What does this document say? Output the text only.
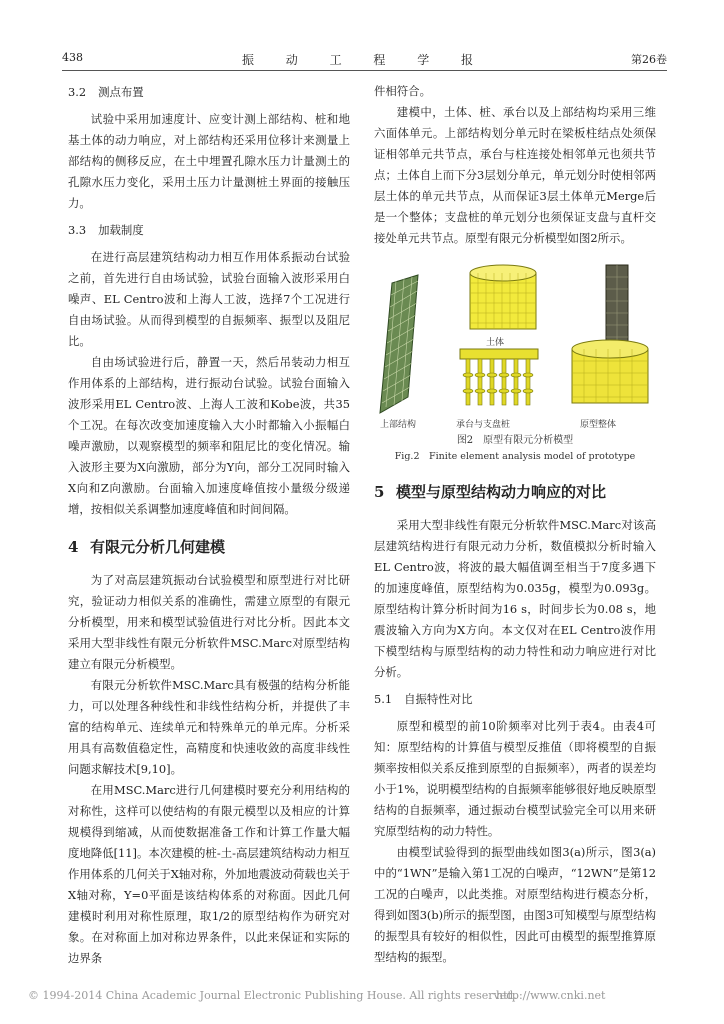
438	振 动 工 程 学 报	第26卷
3.2 测点布置

试验中采用加速度计、应变计测上部结构、桩和地基土体的动力响应，对上部结构还采用位移计来测量上部结构的侧移反应，在土中埋置孔隙水压力计量测土的孔隙水压力变化，采用土压力计量测桩土界面的接触压力。

3.3 加载制度

在进行高层建筑结构动力相互作用体系振动台试验之前，首先进行自由场试验，试验台面输入波形采用白噪声、EL Centro波和上海人工波，选择7个工况进行自由场试验。从而得到模型的自振频率、振型以及阻尼比。

自由场试验进行后，静置一天，然后吊装动力相互作用体系的上部结构，进行振动台试验。试验台面输入波形采用EL Centro波、上海人工波和Kobe波，共35个工况。在每次改变加速度输入大小时都输入小振幅白噪声激励，以观察模型的频率和阻尼比的变化情况。输入波形主要为X向激励，部分为Y向，部分工况同时输入X向和Z向激励。台面输入加速度峰值按小量级分级递增，按相似关系调整加速度峰值和时间间隔。

4 有限元分析几何建模

为了对高层建筑振动台试验模型和原型进行对比研究，验证动力相似关系的准确性，需建立原型的有限元分析模型，用来和模型试验值进行对比分析。因此本文采用大型非线性有限元分析软件MSC.Marc对原型结构建立有限元分析模型。

有限元分析软件MSC.Marc具有极强的结构分析能力，可以处理各种线性和非线性结构分析，并提供了丰富的结构单元、连续单元和特殊单元的单元库。分析采用具有高数值稳定性，高精度和快速收敛的高度非线性问题求解技术[9,10]。

在用MSC.Marc进行几何建模时要充分利用结构的对称性，这样可以使结构的有限元模型以及相应的计算规模得到缩减，从而使数据准备工作和计算工作量大幅度地降低[11]。本次建模的桩-土-高层建筑结构动力相互作用体系的几何关于X轴对称，外加地震波动荷载也关于X轴对称，Y=0平面是该结构体系的对称面。因此几何建模时利用对称性原理，取1/2的原型结构作为研究对象。在对称面上加对称边界条件，以此来保证和实际的边界条

件相符合。

建模中，土体、桩、承台以及上部结构均采用三维六面体单元。上部结构划分单元时在梁板柱结点处须保证相邻单元共节点，承台与柱连接处相邻单元也须共节点；土体自上而下分3层划分单元，单元划分时使相邻两层土体的单元共节点，从而保证3层土体单元Merge后是一个整体；支盘桩的单元划分也须保证支盘与直杆交接处单元共节点。原型有限元分析模型如图2所示。

土体
上部结构	承台与支盘桩	原型整体
图2　原型有限元分析模型
Fig.2　Finite element analysis model of prototype
5 模型与原型结构动力响应的对比

采用大型非线性有限元分析软件MSC.Marc对该高层建筑结构进行有限元动力分析，数值模拟分析时输入EL Centro波，将波的最大幅值调至相当于7度多遇下的加速度峰值，原型结构为0.035g，模型为0.093g。原型结构计算分析时间为16 s，时间步长为0.08 s，地震波输入方向为X方向。本文仅对在EL Centro波作用下模型结构与原型结构的动力特性和动力响应进行对比分析。

5.1 自振特性对比

原型和模型的前10阶频率对比列于表4。由表4可知：原型结构的计算值与模型反推值（即将模型的自振频率按相似关系反推到原型的自振频率），两者的误差均小于1%，说明模型结构的自振频率能够很好地反映原型结构的自振频率，通过振动台模型试验完全可以用来研究原型结构的动力特性。

由模型试验得到的振型曲线如图3(a)所示，图3(a)中的“1WN”是输入第1工况的白噪声，“12WN”是第12工况的白噪声，以此类推。对原型结构进行模态分析，得到如图3(b)所示的振型图，由图3可知模型与原型结构的振型具有较好的相似性，因此可由模型的振型推算原型结构的振型。

© 1994-2014 China Academic Journal Electronic Publishing House. All rights reserved.
http://www.cnki.net
